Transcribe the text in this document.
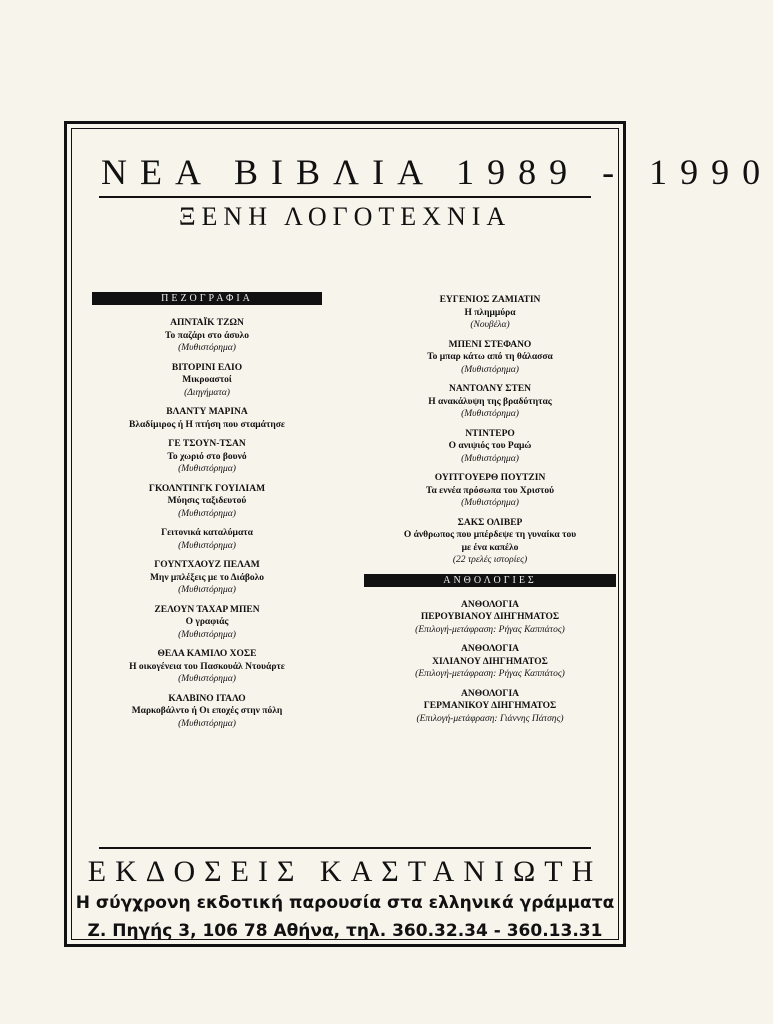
ΝΕΑ ΒΙΒΛΙΑ 1989 - 1990
ΞΕΝΗ ΛΟΓΟΤΕΧΝΙΑ
ΠΕΖΟΓΡΑΦΙΑ
ΑΠΝΤΑΪΚ ΤΖΩΝ
Το παζάρι στο άσυλο
(Μυθιστόρημα)
ΒΙΤΟΡΙΝΙ ΕΛΙΟ
Μικροαστοί
(Διηγήματα)
ΒΛΑΝΤΥ ΜΑΡΙΝΑ
Βλαδίμιρος ή Η πτήση που σταμάτησε
ΓΕ ΤΣΟΥΝ-ΤΣΑΝ
Το χωριό στο βουνό
(Μυθιστόρημα)
ΓΚΟΛΝΤΙΝΓΚ ΓΟΥΙΛΙΑΜ
Μύησις ταξιδευτού
(Μυθιστόρημα)
Γειτονικά καταλύματα
(Μυθιστόρημα)
ΓΟΥΝΤΧΑΟΥΖ ΠΕΛΑΜ
Μην μπλέξεις με το Διάβολο
(Μυθιστόρημα)
ΖΕΛΟΥΝ ΤΑΧΑΡ ΜΠΕΝ
Ο γραφιάς
(Μυθιστόρημα)
ΘΕΛΑ ΚΑΜΙΛΟ ΧΟΣΕ
Η οικογένεια του Πασκουάλ Ντουάρτε
(Μυθιστόρημα)
ΚΑΛΒΙΝΟ ΙΤΑΛΟ
Μαρκοβάλντο ή Οι εποχές στην πόλη
(Μυθιστόρημα)
ΕΥΓΕΝΙΟΣ ΖΑΜΙΑΤΙΝ
Η πλημμύρα
(Νουβέλα)
ΜΠΕΝΙ ΣΤΕΦΑΝΟ
Το μπαρ κάτω από τη θάλασσα
(Μυθιστόρημα)
ΝΑΝΤΟΛΝΥ ΣΤΕΝ
Η ανακάλυψη της βραδύτητας
(Μυθιστόρημα)
ΝΤΙΝΤΕΡΟ
Ο ανιψιός του Ραμώ
(Μυθιστόρημα)
ΟΥΙΤΓΟΥΕΡΘ ΠΟΥΤΖΙΝ
Τα εννέα πρόσωπα του Χριστού
(Μυθιστόρημα)
ΣΑΚΣ ΟΛΙΒΕΡ
Ο άνθρωπος που μπέρδεψε τη γυναίκα του
με ένα καπέλο
(22 τρελές ιστορίες)
ΑΝΘΟΛΟΓΙΕΣ
ΑΝΘΟΛΟΓΙΑ
ΠΕΡΟΥΒΙΑΝΟΥ ΔΙΗΓΗΜΑΤΟΣ
(Επιλογή-μετάφραση: Ρήγας Καππάτος)
ΑΝΘΟΛΟΓΙΑ
ΧΙΛΙΑΝΟΥ ΔΙΗΓΗΜΑΤΟΣ
(Επιλογή-μετάφραση: Ρήγας Καππάτος)
ΑΝΘΟΛΟΓΙΑ
ΓΕΡΜΑΝΙΚΟΥ ΔΙΗΓΗΜΑΤΟΣ
(Επιλογή-μετάφραση: Γιάννης Πάτσης)
ΕΚΔΟΣΕΙΣ ΚΑΣΤΑΝΙΩΤΗ
Η σύγχρονη εκδοτική παρουσία στα ελληνικά γράμματα
Ζ. Πηγής 3, 106 78 Αθήνα, τηλ. 360.32.34 - 360.13.31
